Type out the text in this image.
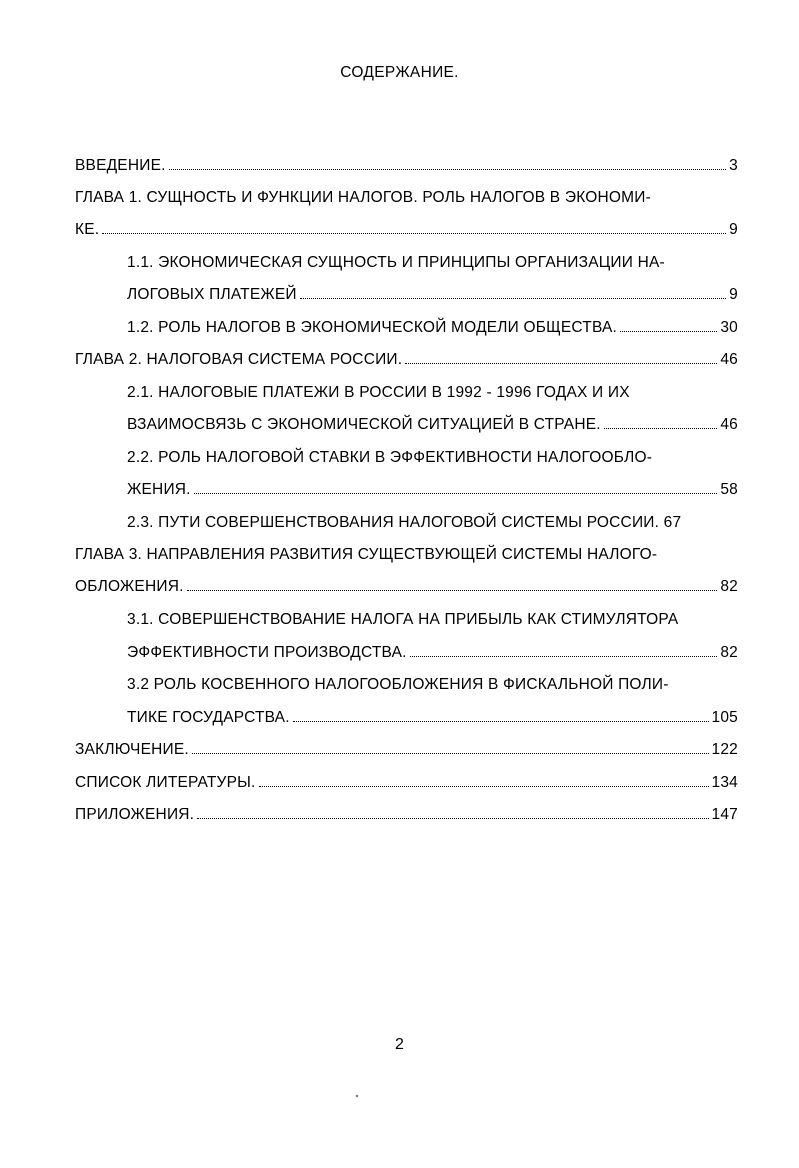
СОДЕРЖАНИЕ.
ВВЕДЕНИЕ.	3
ГЛАВА 1. СУЩНОСТЬ И ФУНКЦИИ НАЛОГОВ. РОЛЬ НАЛОГОВ В ЭКОНОМИ-
КЕ.	9
1.1. ЭКОНОМИЧЕСКАЯ СУЩНОСТЬ И ПРИНЦИПЫ ОРГАНИЗАЦИИ НА-
ЛОГОВЫХ ПЛАТЕЖЕЙ	9
1.2. РОЛЬ НАЛОГОВ В ЭКОНОМИЧЕСКОЙ МОДЕЛИ ОБЩЕСТВА.	30
ГЛАВА 2. НАЛОГОВАЯ СИСТЕМА РОССИИ.	46
2.1. НАЛОГОВЫЕ ПЛАТЕЖИ В РОССИИ В 1992 - 1996 ГОДАХ И ИХ
ВЗАИМОСВЯЗЬ С ЭКОНОМИЧЕСКОЙ СИТУАЦИЕЙ В СТРАНЕ.	46
2.2. РОЛЬ НАЛОГОВОЙ СТАВКИ В ЭФФЕКТИВНОСТИ НАЛОГООБЛО-
ЖЕНИЯ.	58
2.3. ПУТИ СОВЕРШЕНСТВОВАНИЯ НАЛОГОВОЙ СИСТЕМЫ РОССИИ. 67
ГЛАВА 3. НАПРАВЛЕНИЯ РАЗВИТИЯ СУЩЕСТВУЮЩЕЙ СИСТЕМЫ НАЛОГО-
ОБЛОЖЕНИЯ.	82
3.1. СОВЕРШЕНСТВОВАНИЕ НАЛОГА НА ПРИБЫЛЬ КАК СТИМУЛЯТОРА
ЭФФЕКТИВНОСТИ ПРОИЗВОДСТВА.	82
3.2 РОЛЬ КОСВЕННОГО НАЛОГООБЛОЖЕНИЯ В ФИСКАЛЬНОЙ ПОЛИ-
ТИКЕ ГОСУДАРСТВА.	105
ЗАКЛЮЧЕНИЕ.	122
СПИСОК ЛИТЕРАТУРЫ.	134
ПРИЛОЖЕНИЯ.	147
2
